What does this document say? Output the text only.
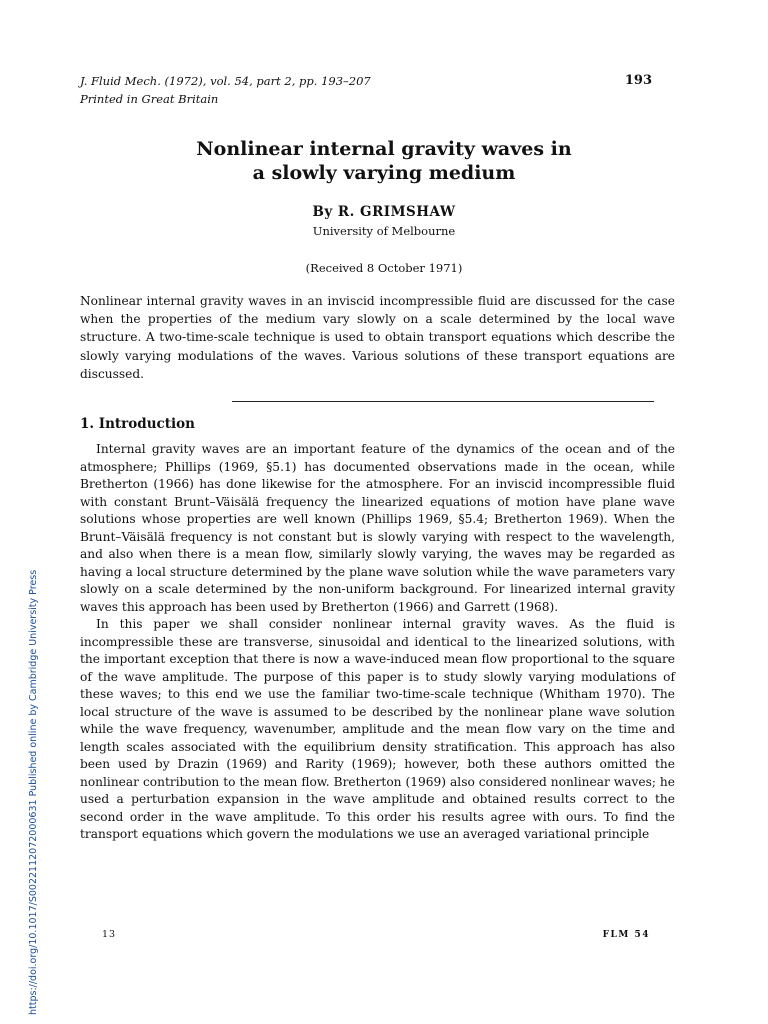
J. Fluid Mech. (1972), vol. 54, part 2, pp. 193–207
Printed in Great Britain
193
Nonlinear internal gravity waves in
a slowly varying medium
By R. GRIMSHAW
University of Melbourne
(Received 8 October 1971)
Nonlinear internal gravity waves in an inviscid incompressible fluid are discussed for the case when the properties of the medium vary slowly on a scale determined by the local wave structure. A two-time-scale technique is used to obtain transport equations which describe the slowly varying modulations of the waves. Various solutions of these transport equations are discussed.
1. Introduction

Internal gravity waves are an important feature of the dynamics of the ocean and of the atmosphere; Phillips (1969, §5.1) has documented observations made in the ocean, while Bretherton (1966) has done likewise for the atmosphere. For an inviscid incompressible fluid with constant Brunt–Väisälä frequency the linearized equations of motion have plane wave solutions whose properties are well known (Phillips 1969, §5.4; Bretherton 1969). When the Brunt–Väisälä frequency is not constant but is slowly varying with respect to the wavelength, and also when there is a mean flow, similarly slowly varying, the waves may be regarded as having a local structure determined by the plane wave solution while the wave parameters vary slowly on a scale determined by the non-uniform background. For linearized internal gravity waves this approach has been used by Bretherton (1966) and Garrett (1968).

In this paper we shall consider nonlinear internal gravity waves. As the fluid is incompressible these are transverse, sinusoidal and identical to the linearized solutions, with the important exception that there is now a wave-induced mean flow proportional to the square of the wave amplitude. The purpose of this paper is to study slowly varying modulations of these waves; to this end we use the familiar two-time-scale technique (Whitham 1970). The local structure of the wave is assumed to be described by the nonlinear plane wave solution while the wave frequency, wavenumber, amplitude and the mean flow vary on the time and length scales associated with the equilibrium density stratification. This approach has also been used by Drazin (1969) and Rarity (1969); however, both these authors omitted the nonlinear contribution to the mean flow. Bretherton (1969) also considered nonlinear waves; he used a perturbation expansion in the wave amplitude and obtained results correct to the second order in the wave amplitude. To this order his results agree with ours. To find the transport equations which govern the modulations we use an averaged variational principle

13	FLM 54
https://doi.org/10.1017/S0022112072000631 Published online by Cambridge University Press
